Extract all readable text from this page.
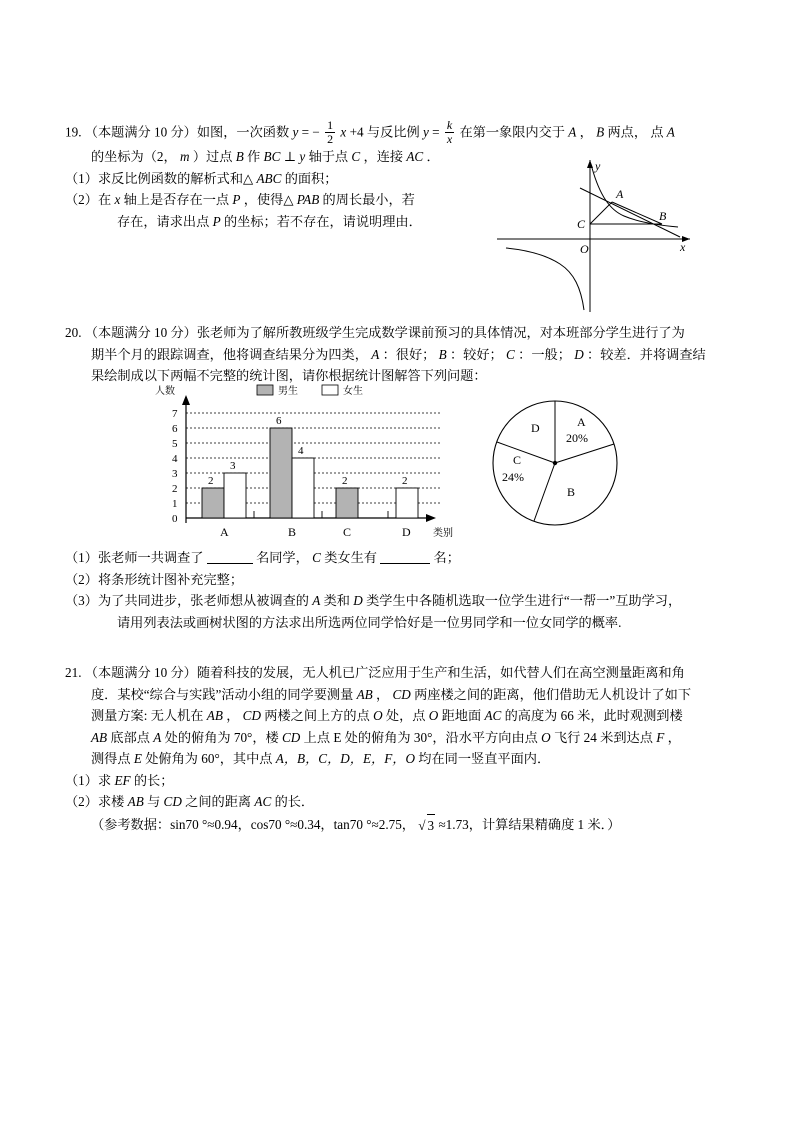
19. （本题满分 10 分）如图，一次函数 y = − $\frac{1}{2}$ x +4 与反比例 $y = \frac{k}{x}$ 在第一象限内交于 A ， B 两点， 点 A
的坐标为（2， m ）过点 B 作 BC ⊥ y 轴于点 C ，连接 AC ．
（1）求反比例函数的解析式和△ ABC 的面积；
（2）在 x 轴上是否存在一点 P ，使得△ PAB 的周长最小，若
存在，请求出点 P 的坐标；若不存在，请说明理由．
y
x
O
A
B
C
20. （本题满分 10 分）张老师为了解所教班级学生完成数学课前预习的具体情况，对本班部分学生进行了为
期半个月的跟踪调查，他将调查结果分为四类， A ：很好； B ：较好； C ：一般； D ：较差．并将调查结
果绘制成以下两幅不完整的统计图，请你根据统计图解答下列问题：
人数	男生	女生
0
1
2
3
4
5
6
7
2
3
6
4
2	2
A	B	C	D 类别
A
20%
B
C
24%
D
（1）张老师一共调查了	名同学， C 类女生有	名；
（2）将条形统计图补充完整；
（3）为了共同进步，张老师想从被调查的 A 类和 D 类学生中各随机选取一位学生进行“一帮一”互助学习，
请用列表法或画树状图的方法求出所选两位同学恰好是一位男同学和一位女同学的概率.
21. （本题满分 10 分）随着科技的发展，无人机已广泛应用于生产和生活，如代替人们在高空测量距离和角
度．某校“综合与实践”活动小组的同学要测量 AB ， CD 两座楼之间的距离，他们借助无人机设计了如下
测量方案: 无人机在 AB ， CD 两楼之间上方的点 O 处，点 O 距地面 AC 的高度为 66 米，此时观测到楼
AB 底部点 A 处的俯角为 70°，楼 CD 上点 E 处的俯角为 30°，沿水平方向由点 O 飞行 24 米到达点 F ，
测得点 E 处俯角为 60°，其中点 A，B，C，D，E，F，O 均在同一竖直平面内．
（1）求 EF 的长；
（2）求楼 AB 与 CD 之间的距离 AC 的长．
（参考数据：sin70 °≈0.94，cos70 °≈0.34，tan70 °≈2.75， √ 3 ≈1.73，计算结果精确度 1 米．）
